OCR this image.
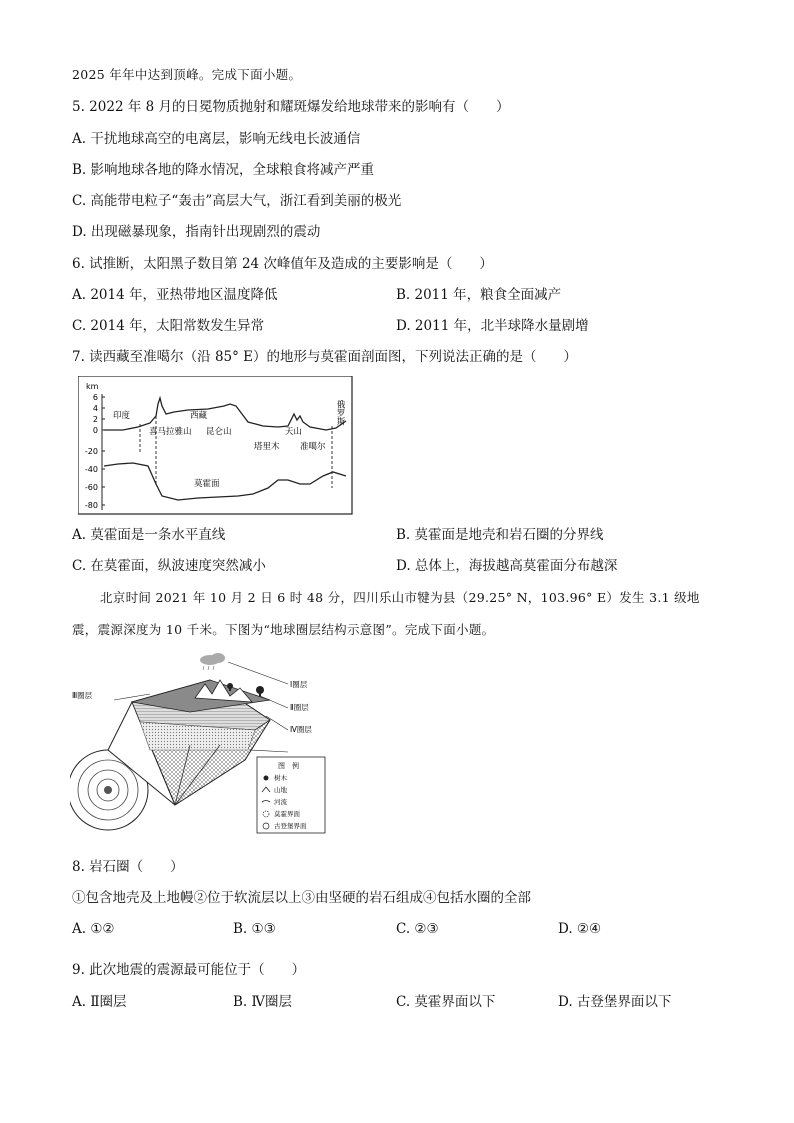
2025 年年中达到顶峰。完成下面小题。
5. 2022 年 8 月的日冕物质抛射和耀斑爆发给地球带来的影响有（　　）
A. 干扰地球高空的电离层，影响无线电长波通信
B. 影响地球各地的降水情况，全球粮食将减产严重
C. 高能带电粒子“轰击”高层大气，浙江看到美丽的极光
D. 出现磁暴现象，指南针出现剧烈的震动
6. 试推断，太阳黑子数目第 24 次峰值年及造成的主要影响是（　　）
A. 2014 年，亚热带地区温度降低	B. 2011 年，粮食全面减产
C. 2014 年，太阳常数发生异常	D. 2011 年，北半球降水量剧增
7. 读西藏至准噶尔（沿 85° E）的地形与莫霍面剖面图，下列说法正确的是（　　）
km
6
4
2
0
-20
-40
-60
-80
印度	西藏
喜马拉雅山 昆仑山	天山
塔里木 准噶尔
莫霍面
俄罗斯
A. 莫霍面是一条水平直线	B. 莫霍面是地壳和岩石圈的分界线
C. 在莫霍面，纵波速度突然减小	D. 总体上，海拔越高莫霍面分布越深
北京时间 2021 年 10 月 2 日 6 时 48 分，四川乐山市犍为县（29.25° N，103.96° E）发生 3.1 级地
震，震源深度为 10 千米。下图为“地球圈层结构示意图”。完成下面小题。
Ⅲ圈层
Ⅰ圈层
Ⅱ圈层
Ⅳ圈层
图　例
树木
山地
河流
莫霍界面
古登堡界面
8. 岩石圈（　　）
①包含地壳及上地幔②位于软流层以上③由坚硬的岩石组成④包括水圈的全部
A. ①②	B. ①③	C. ②③	D. ②④
9. 此次地震的震源最可能位于（　　）
A. Ⅱ圈层	B. Ⅳ圈层	C. 莫霍界面以下	D. 古登堡界面以下
